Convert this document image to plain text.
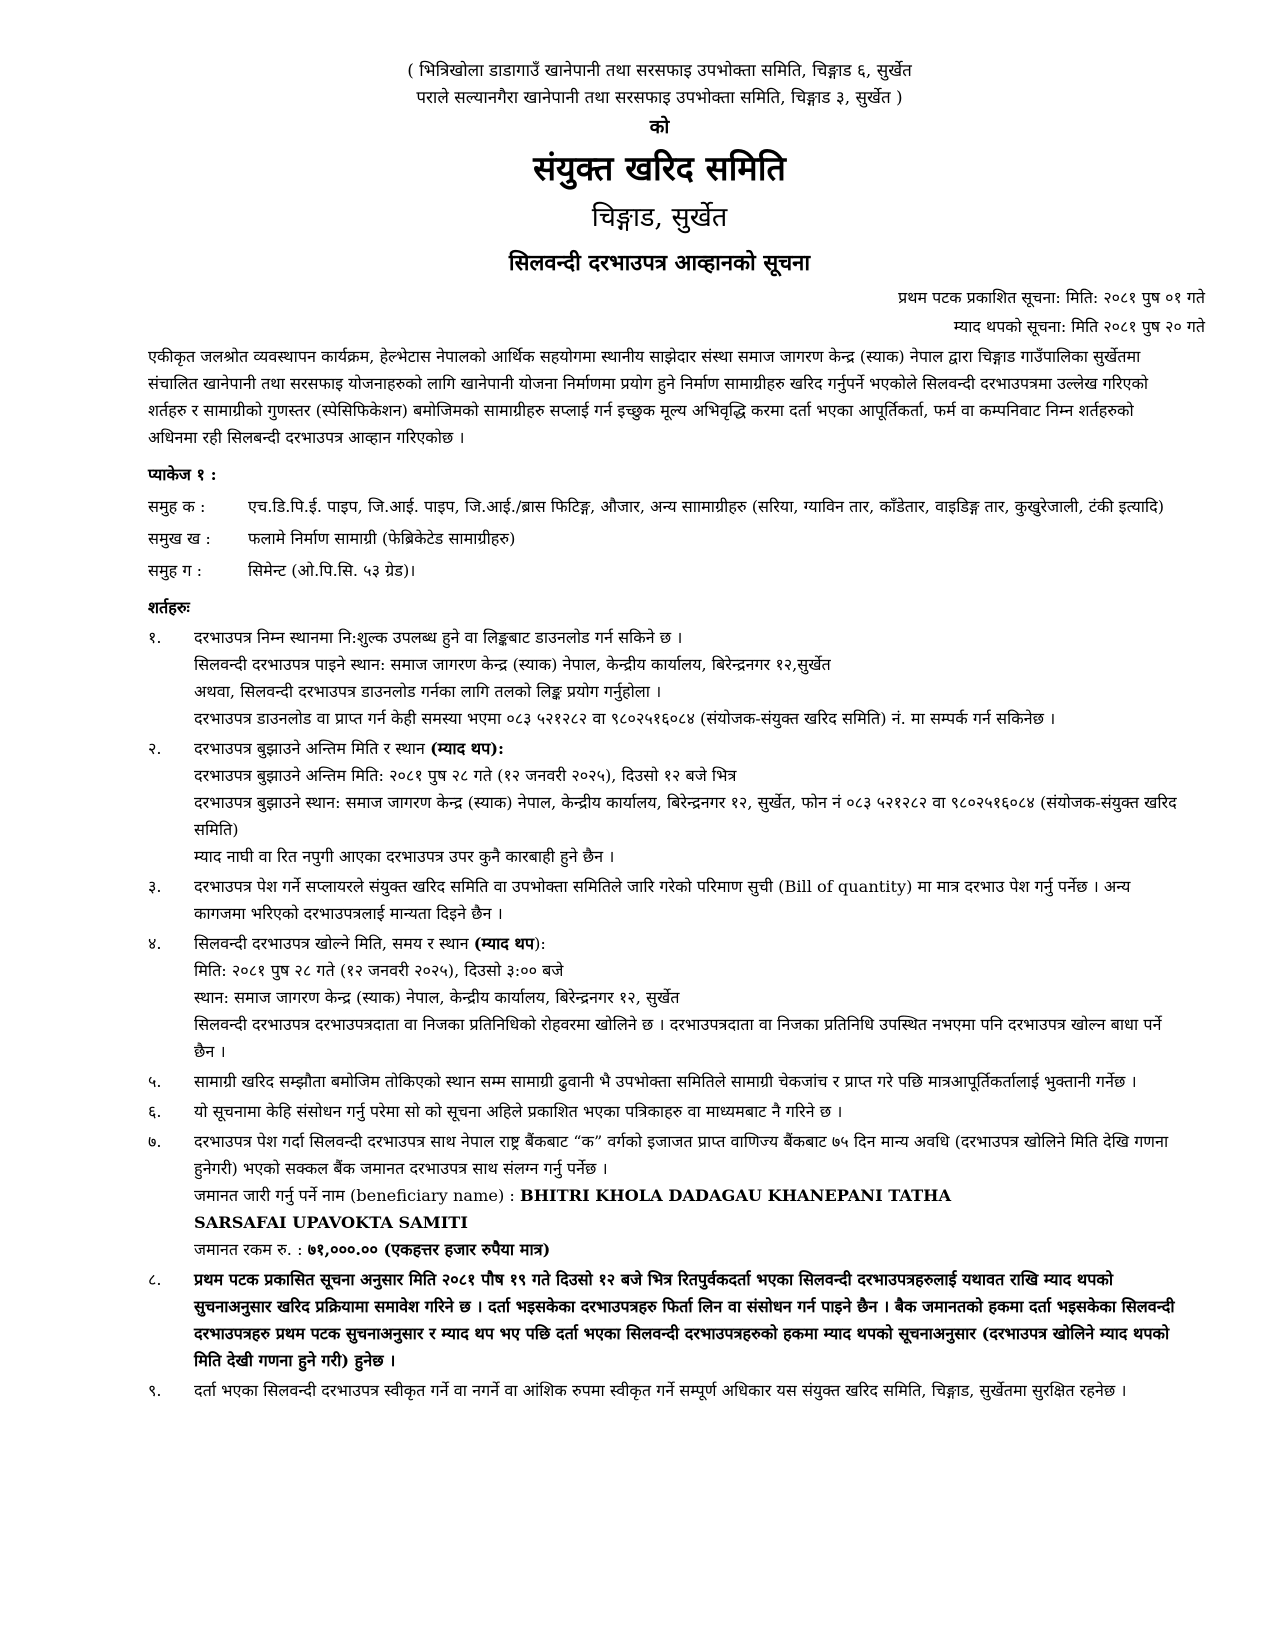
( भित्रिखोला डाडागाउँ खानेपानी तथा सरसफाइ उपभोक्ता समिति, चिङ्गाड ६, सुर्खेत
पराले सल्यानगैरा खानेपानी तथा सरसफाइ उपभोक्ता समिति, चिङ्गाड ३, सुर्खेत )
को
संयुक्त खरिद समिति
चिङ्गाड, सुर्खेत
सिलवन्दी दरभाउपत्र आव्हानको सूचना
प्रथम पटक प्रकाशित सूचना: मिति: २०८१ पुष ०१ गते
म्याद थपको सूचना: मिति २०८१ पुष २० गते
एकीकृत जलश्रोत व्यवस्थापन कार्यक्रम, हेल्भेटास नेपालको आर्थिक सहयोगमा स्थानीय साझेदार संस्था समाज जागरण केन्द्र (स्याक) नेपाल द्वारा चिङ्गाड गाउँपालिका सुर्खेतमा संचालित खानेपानी तथा सरसफाइ योजनाहरुको लागि खानेपानी योजना निर्माणमा प्रयोग हुने निर्माण सामाग्रीहरु खरिद गर्नुपर्ने भएकोले सिलवन्दी दरभाउपत्रमा उल्लेख गरिएको शर्तहरु र सामाग्रीको गुणस्तर (स्पेसिफिकेशन) बमोजिमको सामाग्रीहरु सप्लाई गर्न इच्छुक मूल्य अभिवृद्धि करमा दर्ता भएका आपूर्तिकर्ता, फर्म वा कम्पनिवाट निम्न शर्तहरुको अधिनमा रही सिलबन्दी दरभाउपत्र आव्हान गरिएकोछ ।
प्याकेज १ :
समुह क :	एच.डि.पि.ई. पाइप, जि.आई. पाइप, जि.आई./ब्रास फिटिङ्ग, औजार, अन्य साामाग्रीहरु (सरिया, ग्याविन तार, काँडेतार, वाइडिङ्ग तार, कुखुरेजाली, टंकी इत्यादि)
समुख ख :	फलामे निर्माण सामाग्री (फेब्रिकेटेड सामाग्रीहरु)
समुह ग :	सिमेन्ट (ओ.पि.सि. ५३ ग्रेड)।
शर्तहरुः
१.	दरभाउपत्र निम्न स्थानमा नि:शुल्क उपलब्ध हुने वा लिङ्कबाट डाउनलोड गर्न सकिने छ ।
सिलवन्दी दरभाउपत्र पाइने स्थान: समाज जागरण केन्द्र (स्याक) नेपाल, केन्द्रीय कार्यालय, बिरेन्द्रनगर १२,सुर्खेत
अथवा, सिलवन्दी दरभाउपत्र डाउनलोड गर्नका लागि तलको लिङ्क प्रयोग गर्नुहोला ।
दरभाउपत्र डाउनलोड वा प्राप्त गर्न केही समस्या भएमा ०८३ ५२१२८२ वा ९८०२५१६०८४ (संयोजक-संयुक्त खरिद समिति) नं. मा सम्पर्क गर्न सकिनेछ ।
२.	दरभाउपत्र बुझाउने अन्तिम मिति र स्थान (म्याद थप):
दरभाउपत्र बुझाउने अन्तिम मिति: २०८१ पुष २८ गते (१२ जनवरी २०२५), दिउसो १२ बजे भित्र
दरभाउपत्र बुझाउने स्थान: समाज जागरण केन्द्र (स्याक) नेपाल, केन्द्रीय कार्यालय, बिरेन्द्रनगर १२, सुर्खेत, फोन नं ०८३ ५२१२८२ वा ९८०२५१६०८४ (संयोजक-संयुक्त खरिद समिति)
म्याद नाघी वा रित नपुगी आएका दरभाउपत्र उपर कुनै कारबाही हुने छैन ।
३.	दरभाउपत्र पेश गर्ने सप्लायरले संयुक्त खरिद समिति वा उपभोक्ता समितिले जारि गरेको परिमाण सुची (Bill of quantity) मा मात्र दरभाउ पेश गर्नु पर्नेछ । अन्य कागजमा भरिएको दरभाउपत्रलाई मान्यता दिइने छैन ।
४.	सिलवन्दी दरभाउपत्र खोल्ने मिति, समय र स्थान (म्याद थप):
मिति: २०८१ पुष २८ गते (१२ जनवरी २०२५), दिउसो ३:०० बजे
स्थान: समाज जागरण केन्द्र (स्याक) नेपाल, केन्द्रीय कार्यालय, बिरेन्द्रनगर १२, सुर्खेत
सिलवन्दी दरभाउपत्र दरभाउपत्रदाता वा निजका प्रतिनिधिको रोहवरमा खोलिने छ । दरभाउपत्रदाता वा निजका प्रतिनिधि उपस्थित नभएमा पनि दरभाउपत्र खोल्न बाधा पर्ने छैन ।
५.	सामाग्री खरिद सम्झौता बमोजिम तोकिएको स्थान सम्म सामाग्री ढुवानी भै उपभोक्ता समितिले सामाग्री चेकजांच र प्राप्त गरे पछि मात्रआपूर्तिकर्तालाई भुक्तानी गर्नेछ ।
६.	यो सूचनामा केहि संसोधन गर्नु परेमा सो को सूचना अहिले प्रकाशित भएका पत्रिकाहरु वा माध्यमबाट नै गरिने छ ।
७.	दरभाउपत्र पेश गर्दा सिलवन्दी दरभाउपत्र साथ नेपाल राष्ट्र बैंकबाट “क” वर्गको इजाजत प्राप्त वाणिज्य बैंकबाट ७५ दिन मान्य अवधि (दरभाउपत्र खोलिने मिति देखि गणना हुनेगरी) भएको सक्कल बैंक जमानत दरभाउपत्र साथ संलग्न गर्नु पर्नेछ ।
जमानत जारी गर्नु पर्ने नाम (beneficiary name) : BHITRI KHOLA DADAGAU KHANEPANI TATHA
SARSAFAI UPAVOKTA SAMITI
जमानत रकम रु. : ७१,०००.०० (एकहत्तर हजार रुपैया मात्र)
८.	प्रथम पटक प्रकासित सूचना अनुसार मिति २०८१ पौष १९ गते दिउसो १२ बजे भित्र रितपुर्वकदर्ता भएका सिलवन्दी दरभाउपत्रहरुलाई यथावत राखि म्याद थपको सुचनाअनुसार खरिद प्रक्रियामा समावेश गरिने छ । दर्ता भइसकेका दरभाउपत्रहरु फिर्ता लिन वा संसोधन गर्न पाइने छैन । बैक जमानतको हकमा दर्ता भइसकेका सिलवन्दी दरभाउपत्रहरु प्रथम पटक सुचनाअनुसार र म्याद थप भए पछि दर्ता भएका सिलवन्दी दरभाउपत्रहरुको हकमा म्याद थपको सूचनाअनुसार (दरभाउपत्र खोलिने म्याद थपको मिति देखी गणना हुने गरी) हुनेछ ।
९.	दर्ता भएका सिलवन्दी दरभाउपत्र स्वीकृत गर्ने वा नगर्ने वा आंशिक रुपमा स्वीकृत गर्ने सम्पूर्ण अधिकार यस संयुक्त खरिद समिति, चिङ्गाड, सुर्खेतमा सुरक्षित रहनेछ ।
